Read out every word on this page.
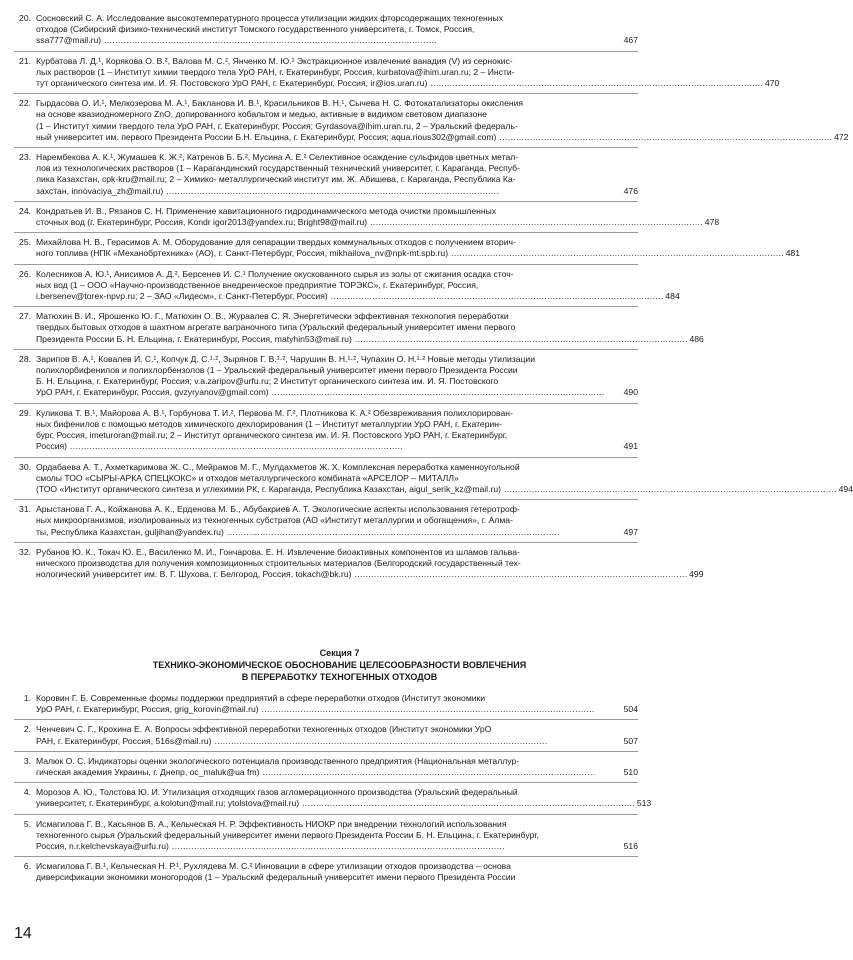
20. Сосновский С. А. Исследование высокотемпературного процесса утилизации жидких фторсодержащих техногенных
отходов (Сибирский физико-технический институт Томского государственного университета, г. Томск, Россия,
ssa777@mail.ru) . . .	467
21. Курбатова Л. Д.¹, Корякова О. В.², Валова М. С.², Янченко М. Ю.¹ Экстракционное извлечение ванадия (V) из сернокис-
лых растворов (1 – Институт химии твердого тела УрО РАН, г. Екатеринбург, Россия, kurbatova@ihim.uran.ru; 2 – Инсти-
тут органического синтеза им. И. Я. Постовского УрО РАН, г. Екатеринбург, Россия, ir@ios.uran.ru) . . .	470
22. Гырдасова О. И.¹, Мелкозерова М. А.¹, Бакланова И. В.¹, Красильников В. Н.¹, Сычева Н. С. Фотокатализаторы окисления
на основе квазиодномерного ZnO, допированного кобальтом и медью, активные в видимом световом диапазоне
(1 – Институт химии твердого тела УрО РАН, г. Екатеринбург, Россия; Gyrdasova@ihim.uran.ru, 2 – Уральский федераль-
ный университет им. первого Президента России Б.Н. Ельцина, г. Екатеринбург, Россия; aqua.rious302@gmail.com) . . .	472
23. Нарембекова А. К.¹, Жумашев К. Ж.², Катренов Б. Б.², Мусина А. Е.² Селективное осаждение сульфидов цветных метал-
лов из технологических растворов (1 – Карагандинский государственный технический университет, г. Караганда, Респуб-
лика Казахстан, cpk-kru@mail.ru; 2 – Химико- металлургический институт им. Ж. Абишева, г. Караганда, Республика Ка-
захстан, innovaciya_zh@mail.ru) . . .	476
24. Кондратьев И. В., Рязанов С. Н. Применение кавитационного гидродинамического метода очистки промышленных
сточных вод (г. Екатеринбург, Россия, Kondr igor2013@yandex.ru; Bright98@mail.ru) . . .	478
25. Михайлова Н. В., Герасимов А. М. Оборудование для сепарации твердых коммунальных отходов с получением вторич-
ного топлива (НПК «Механобртехника» (АО), г. Санкт-Петербург, Россия, mikhailova_nv@npk-mt.spb.ru) . . .	481
26. Колесников А. Ю.¹, Анисимов А. Д.², Берсенев И. С.¹ Получение окускованного сырья из золы от сжигания осадка сточ-
ных вод (1 – ООО «Научно-производственное внедренческое предприятие ТОРЭКС», г. Екатеринбург, Россия,
i.bersenev@torex-npvp.ru; 2 – ЗАО «Лидесм», г. Санкт-Петербург, Россия) . . .	484
27. Матюхин В. И., Ярошенко Ю. Г., Матюхин О. В., Журавлев С. Я. Энергетически эффективная технология переработки
твердых бытовых отходов в шахтном агрегате ваграночного типа (Уральский федеральный университет имени первого
Президента России Б. Н. Ельцина, г. Екатеринбург, Россия, matyhin53@mail.ru) . . .	486
28. Зарипов В. А.¹, Ковалев И. С.¹, Копчук Д. С.¹·², Зырянов Г. В.¹·², Чарушин В. Н.¹·², Чупахин О. Н.¹·² Новые методы утилизации
полихлорбифенилов и полихлорбензолов (1 – Уральский федеральный университет имени первого Президента России
Б. Н. Ельцина, г. Екатеринбург, Россия; v.a.zaripov@urfu.ru; 2 Институт органического синтеза им. И. Я. Постовского
УрО РАН, г. Екатеринбург, Россия, gvzyryanov@gmail.com) . . .	490
29. Куликова Т. В.¹, Майорова А. В.¹, Горбунова Т. И.², Первова М. Г.², Плотникова К. А.² Обезвреживания полихлорирован-
ных бифенилов с помощью методов химического дехлорирования (1 – Институт металлургии УрО РАН, г. Екатерин-
бург, Россия, imeturoran@mail.ru; 2 – Институт органического синтеза им. И. Я. Постовского УрО РАН, г. Екатеринбург,
Россия) . . .	491
30. Ордабаева А. Т., Ахметкаримова Ж. С., Мейрамов М. Г., Мулдахметов Ж. Х. Комплексная переработка каменноугольной
смолы ТОО «СЫРЫ-АРКА СПЕЦКОКС» и отходов металлургического комбината «АРСЕЛОР – МИТАЛЛ»
(ТОО «Институт органического синтеза и углехимии РК, г. Караганда, Республика Казахстан, aigul_serik_kz@mail.ru) . . .	494
31. Арыстанова Г. А., Койжанова А. К., Ерденова М. Б., Абубакриев А. Т. Экологические аспекты использования гетеротроф-
ных микроорганизмов, изолированных из техногенных субстратов (АО «Институт металлургии и обогащения», г. Алма-
ты, Республика Казахстан, guljihan@yandex.ru) . . .	497
32. Рубанов Ю. К., Токач Ю. Е., Василенко М. И., Гончарова. Е. Н. Извлечение биоактивных компонентов из шламов гальва-
нического производства для получения композиционных строительных материалов (Белгородский государственный тех-
нологический университет им. В. Г. Шухова, г. Белгород, Россия, tokach@bk.ru) . . .	499
Секция 7
ТЕХНИКО-ЭКОНОМИЧЕСКОЕ ОБОСНОВАНИЕ ЦЕЛЕСООБРАЗНОСТИ ВОВЛЕЧЕНИЯ
В ПЕРЕРАБОТКУ ТЕХНОГЕННЫХ ОТХОДОВ
1. Коровин Г. Б. Современные формы поддержки предприятий в сфере переработки отходов (Институт экономики
УрО РАН, г. Екатеринбург, Россия, grig_korovin@mail.ru) . . .	504
2. Ченчевич С. Г., Крохина Е. А. Вопросы эффективной переработки техногенных отходов (Институт экономики УрО
РАН, г. Екатеринбург, Россия, 516s@mail.ru) . . .	507
3. Малюк О. С. Индикаторы оценки экологического потенциала производственного предприятия (Национальная металлур-
гическая академия Украины, г. Днепр, oc_maluk@ua fm) . . .	510
4. Морозов А. Ю., Толстова Ю. И. Утилизация отходящих газов агломерационного производства (Уральский федеральный
университет, г. Екатеринбург, a.kolotun@mail.ru; ytolstova@mail.ru) . . .	513
5. Исмагилова Г. В., Касьянов В. А., Кельческая Н. Р. Эффективность НИОКР при внедрении технологий использования
техногенного сырья (Уральский федеральный университет имени первого Президента России Б. Н. Ельцина, г. Екатеринбург,
Россия, n.r.kelchevskaya@urfu.ru) . . .	516
6. Исмагилова Г. В.¹, Кельческая Н. Р.¹, Рухлядева М. С.² Инновации в сфере утилизации отходов производства – основа
диверсификации экономики моногородов (1 – Уральский федеральный университет имени первого Президента России
14
